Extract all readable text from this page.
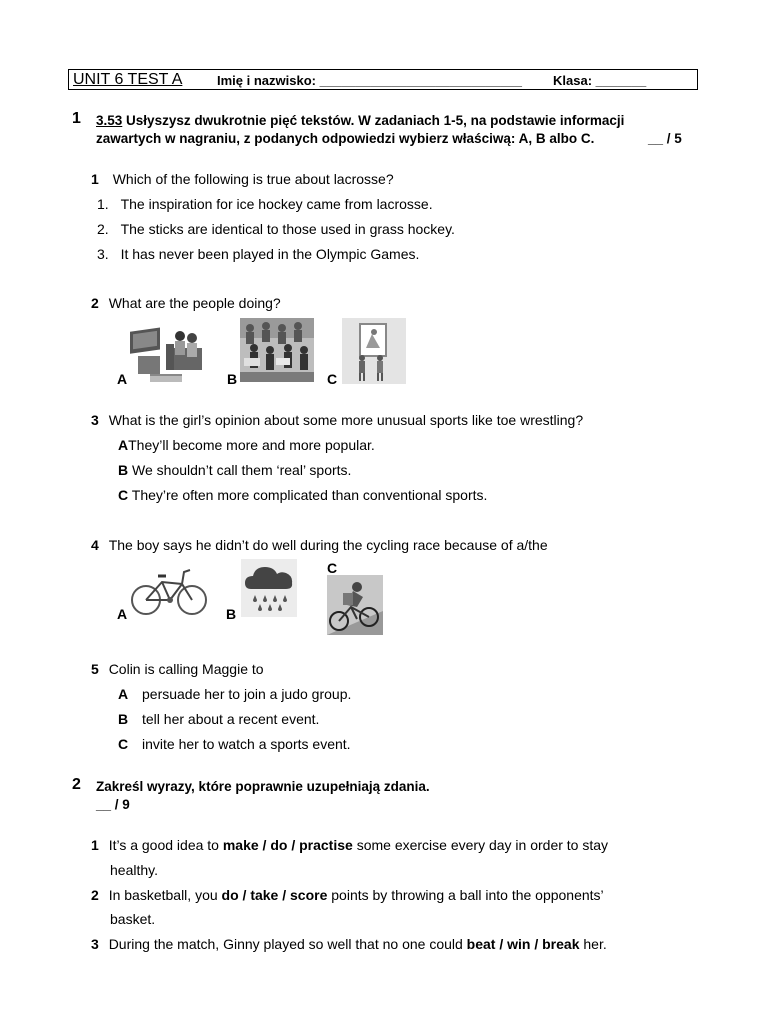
UNIT 6 TEST A	Imię i nazwisko: ____________________________ Klasa: _______
1 3.53 Usłyszysz dwukrotnie pięć tekstów. W zadaniach 1-5, na podstawie informacji
zawartych w nagraniu, z podanych odpowiedzi wybierz właściwą: A, B albo C.	__ / 5
1 Which of the following is true about lacrosse?
1. The inspiration for ice hockey came from lacrosse.
2. The sticks are identical to those used in grass hockey.
3. It has never been played in the Olympic Games.
2 What are the people doing?
A	B	C
3 What is the girl’s opinion about some more unusual sports like toe wrestling?
AThey’ll become more and more popular.
B We shouldn’t call them ‘real’ sports.
C They’re often more complicated than conventional sports.
4 The boy says he didn’t do well during the cycling race because of a/the
A	B
C
5 Colin is calling Maggie to
A persuade her to join a judo group.
B tell her about a recent event.
C invite her to watch a sports event.
2 Zakreśl wyrazy, które poprawnie uzupełniają zdania.
__ / 9
1 It’s a good idea to make / do / practise some exercise every day in order to stay
healthy.
2 In basketball, you do / take / score points by throwing a ball into the opponents’
basket.
3 During the match, Ginny played so well that no one could beat / win / break her.
